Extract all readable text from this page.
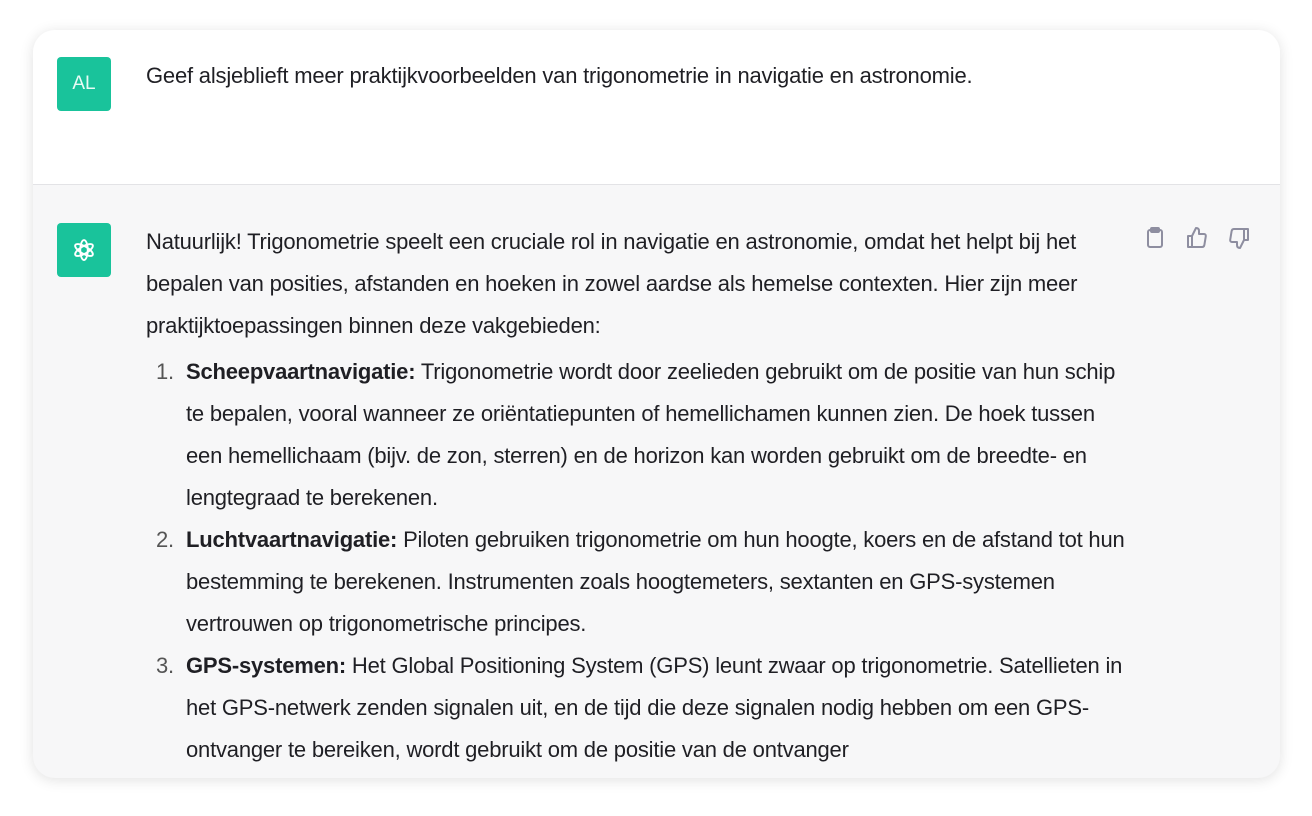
AL	Geef alsjeblieft meer praktijkvoorbeelden van trigonometrie in navigatie en astronomie.
Natuurlijk! Trigonometrie speelt een cruciale rol in navigatie en astronomie, omdat het helpt bij het bepalen van posities, afstanden en hoeken in zowel aardse als hemelse contexten. Hier zijn meer praktijktoepassingen binnen deze vakgebieden:
1. Scheepvaartnavigatie: Trigonometrie wordt door zeelieden gebruikt om de positie van hun schip te bepalen, vooral wanneer ze oriëntatiepunten of hemellichamen kunnen zien. De hoek tussen een hemellichaam (bijv. de zon, sterren) en de horizon kan worden gebruikt om de breedte- en lengtegraad te berekenen.
2. Luchtvaartnavigatie: Piloten gebruiken trigonometrie om hun hoogte, koers en de afstand tot hun bestemming te berekenen. Instrumenten zoals hoogtemeters, sextanten en GPS-systemen vertrouwen op trigonometrische principes.
3. GPS-systemen: Het Global Positioning System (GPS) leunt zwaar op trigonometrie. Satellieten in het GPS-netwerk zenden signalen uit, en de tijd die deze signalen nodig hebben om een GPS-ontvanger te bereiken, wordt gebruikt om de positie van de ontvanger
